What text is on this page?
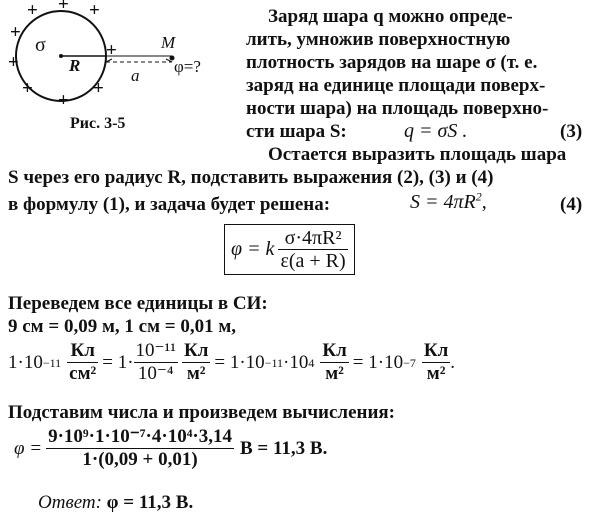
+ + +
+
+
+
+
+
+
σ
R
M
a φ=?
Рис. 3-5
Заряд шара q можно опреде-
лить, умножив поверхностную
плотность зарядов на шаре σ (т. е.
заряд на единице площади поверх-
ности шара) на площадь поверхно-
сти шара S:	q = σS .	(3)
Остается выразить площадь шара
S через его радиус R, подставить выражения (2), (3) и (4)
в формулу (1), и задача будет решена:	$S = 4\pi R^2$,	(4)
φ = k $\frac{\text{σ·4πR²}}{\varepsilon(a + R)}$
Переведем все единицы в СИ:
9 см = 0,09 м, 1 см = 0,01 м,
$1\cdot 10 -11 \frac{Кл}{\text{см²}} = 1\cdot \frac{\text{10⁻¹¹}}{\text{10⁻⁴}} \frac{Кл}{\text{м²}} = 1\cdot 10 -11 \cdot 10$ $4 \frac{Кл}{\text{м²}} = 1\cdot 10 -7 \frac{Кл}{\text{м²}}$ .
Подставим числа и произведем вычисления:
$\varphi = \frac{\text{9·10⁹·1·10⁻⁷·4·10⁴·3,14}}{1\cdot(0,09 + 0,01)}$ В = 11,3 В.
Ответ: φ = 11,3 В.
